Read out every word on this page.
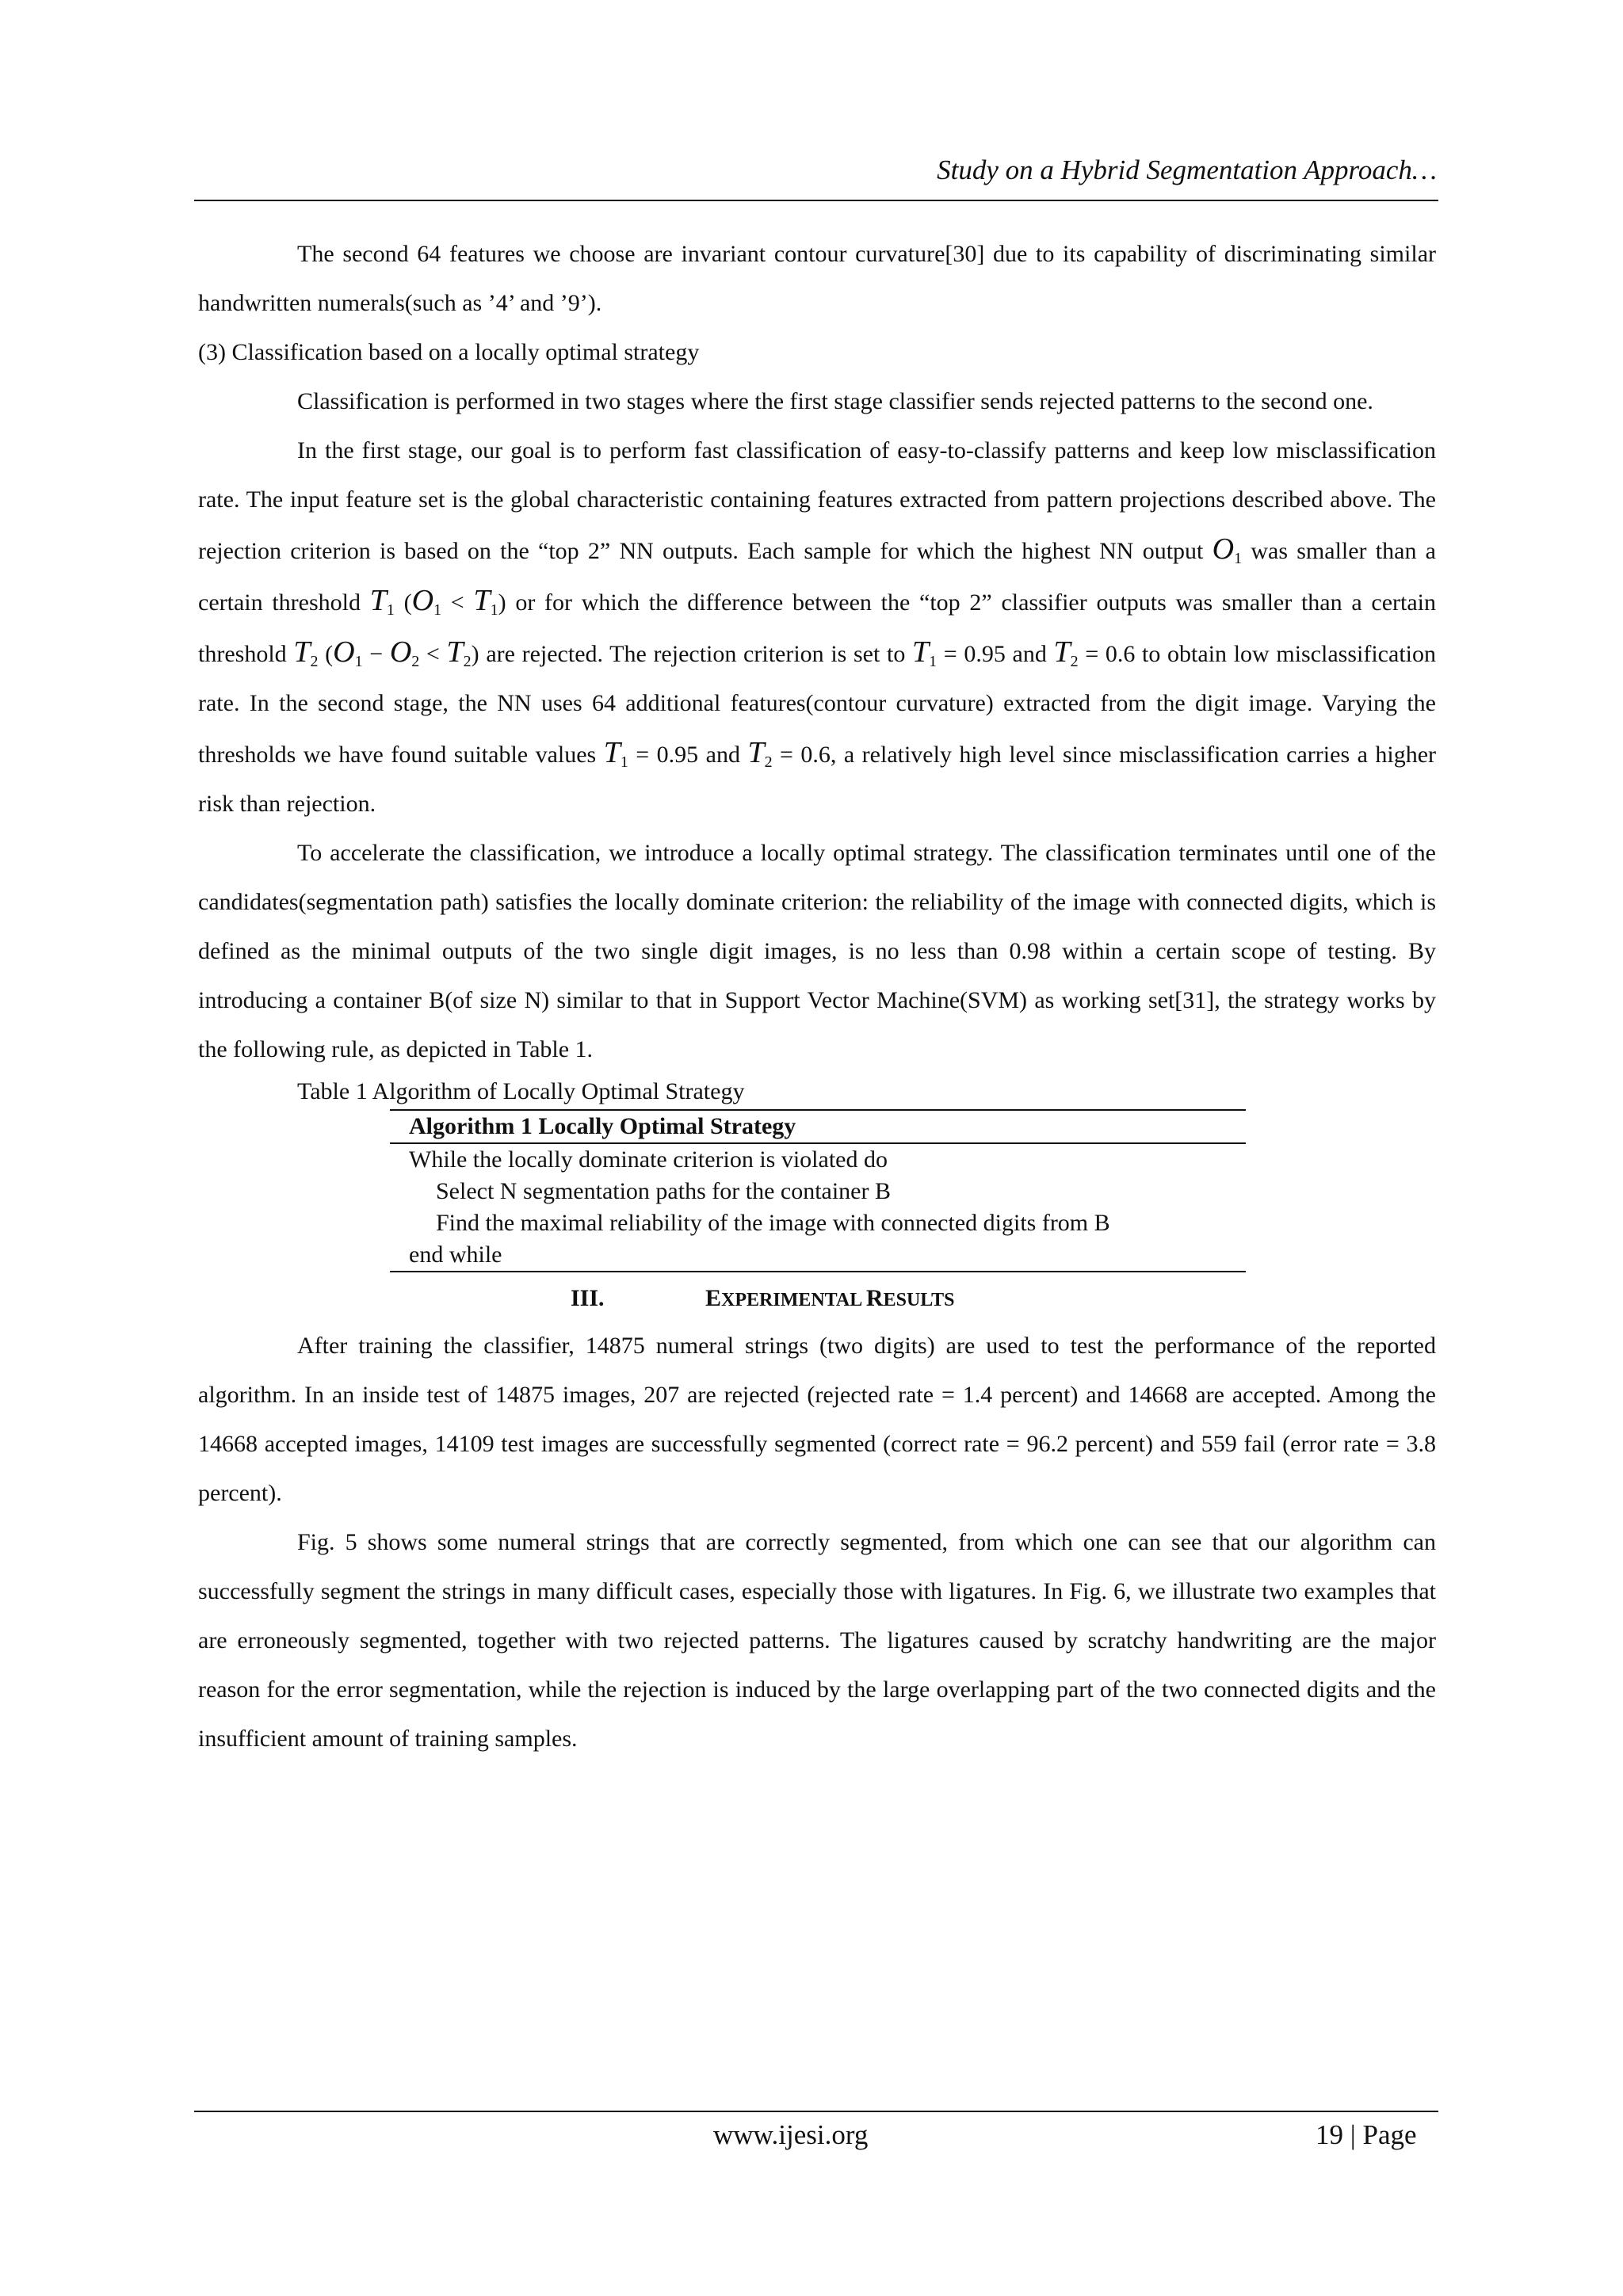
Study on a Hybrid Segmentation Approach…

The second 64 features we choose are invariant contour curvature[30] due to its capability of discriminating similar handwritten numerals(such as ’4’ and ’9’).

(3) Classification based on a locally optimal strategy

Classification is performed in two stages where the first stage classifier sends rejected patterns to the second one.

In the first stage, our goal is to perform fast classification of easy-to-classify patterns and keep low misclassification rate. The input feature set is the global characteristic containing features extracted from pattern projections described above. The rejection criterion is based on the “top 2” NN outputs. Each sample for which the highest NN output $O_1$ was smaller than a certain threshold $T_1$ $(O_1 < T_1)$ or for which the difference between the “top 2” classifier outputs was smaller than a certain threshold $T_2$ $(O_1 - O_2 < T_2)$ are rejected. The rejection criterion is set to $T_1 = 0.95$ and $T_2 = 0.6$ to obtain low misclassification rate. In the second stage, the NN uses 64 additional features(contour curvature) extracted from the digit image. Varying the thresholds we have found suitable values $T_1 = 0.95$ and $T_2 = 0.6$, a relatively high level since misclassification carries a higher risk than rejection.

To accelerate the classification, we introduce a locally optimal strategy. The classification terminates until one of the candidates(segmentation path) satisfies the locally dominate criterion: the reliability of the image with connected digits, which is defined as the minimal outputs of the two single digit images, is no less than 0.98 within a certain scope of testing. By introducing a container B(of size N) similar to that in Support Vector Machine(SVM) as working set[31], the strategy works by the following rule, as depicted in Table 1.

Table 1 Algorithm of Locally Optimal Strategy
Algorithm 1 Locally Optimal Strategy
While the locally dominate criterion is violated do
Select N segmentation paths for the container B
Find the maximal reliability of the image with connected digits from B
end while
III.	EXPERIMENTAL RESULTS

After training the classifier, 14875 numeral strings (two digits) are used to test the performance of the reported algorithm. In an inside test of 14875 images, 207 are rejected (rejected rate = 1.4 percent) and 14668 are accepted. Among the 14668 accepted images, 14109 test images are successfully segmented (correct rate = 96.2 percent) and 559 fail (error rate = 3.8 percent).

Fig. 5 shows some numeral strings that are correctly segmented, from which one can see that our algorithm can successfully segment the strings in many difficult cases, especially those with ligatures. In Fig. 6, we illustrate two examples that are erroneously segmented, together with two rejected patterns. The ligatures caused by scratchy handwriting are the major reason for the error segmentation, while the rejection is induced by the large overlapping part of the two connected digits and the insufficient amount of training samples.

www.ijesi.org	19 | Page
